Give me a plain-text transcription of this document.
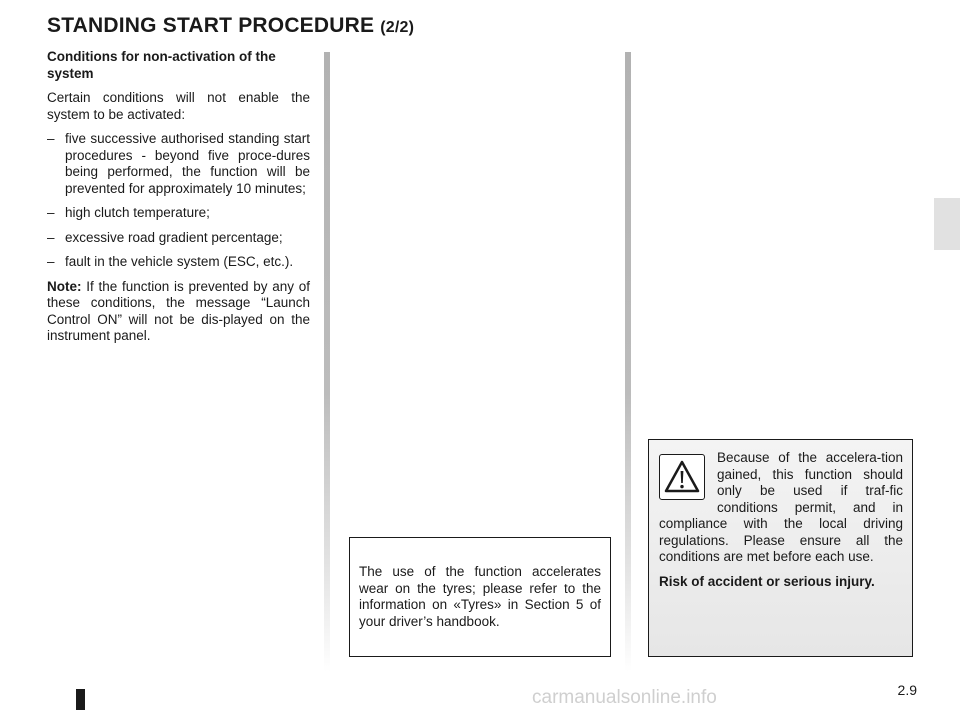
STANDING START PROCEDURE (2/2)

Conditions for non-activation of the system

Certain conditions will not enable the system to be activated:

– five successive authorised standing start procedures - beyond five proce-dures being performed, the function will be prevented for approximately 10 minutes;

– high clutch temperature;

– excessive road gradient percentage;

– fault in the vehicle system (ESC, etc.).

Note: If the function is prevented by any of these conditions, the message “Launch Control ON” will not be dis-played on the instrument panel.

The use of the function accelerates wear on the tyres; please refer to the information on «Tyres» in Section 5 of your driver’s handbook.

Because of the accelera-tion gained, this function should only be used if traf-fic conditions permit, and in compliance with the local driving regulations. Please ensure all the conditions are met before each use.

Risk of accident or serious injury.

2.9
carmanualsonline.info
